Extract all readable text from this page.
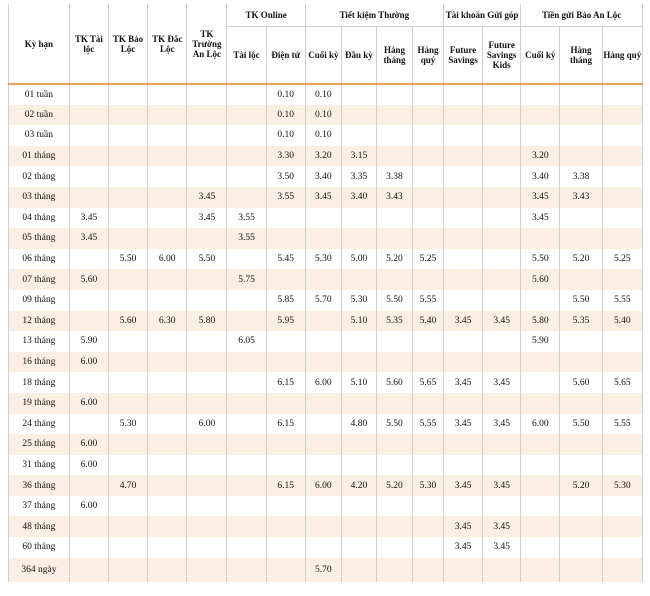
Kỳ hạn	TK Tài lộc	TK Bảo Lộc	TK Đắc Lộc	TK Trường An Lộc	TK Online		Tiết kiệm Thường				Tài khoản Gửi góp		Tiền gửi Bảo An Lộc		
					Tài lộc	Điện tử	Cuối kỳ	Đầu kỳ	Hàng tháng	Hàng quý	Future Savings	Future Savings Kids	Cuối kỳ	Hàng tháng	Hàng quý
01 tuần						0.10	0.10								
02 tuần						0.10	0.10								
03 tuần						0.10	0.10								
01 tháng						3.30	3.20	3.15					3.20		
02 tháng						3.50	3.40	3.35	3.38				3.40	3.38	
03 tháng				3.45		3.55	3.45	3.40	3.43				3.45	3.43	
04 tháng	3.45			3.45	3.55								3.45		
05 tháng	3.45				3.55										
06 tháng		5.50	6.00	5.50		5.45	5.30	5.00	5.20	5.25			5.50	5.20	5.25
07 tháng	5.60				5.75								5.60		
09 tháng						5.85	5.70	5.30	5.50	5.55				5.50	5.55
12 tháng		5.60	6.30	5.80		5.95		5.10	5.35	5.40	3.45	3.45	5.80	5.35	5.40
13 tháng	5.90				6.05								5.90		
16 tháng	6.00														
18 tháng						6.15	6.00	5.10	5.60	5.65	3.45	3.45		5.60	5.65
19 tháng	6.00														
24 tháng		5.30		6.00		6.15		4.80	5.50	5.55	3.45	3.45	6.00	5.50	5.55
25 tháng	6.00														
31 tháng	6.00														
36 tháng		4.70				6.15	6.00	4.20	5.20	5.30	3.45	3.45		5.20	5.30
37 tháng	6.00														
48 tháng											3.45	3.45			
60 tháng											3.45	3.45			
364 ngày							5.70								
